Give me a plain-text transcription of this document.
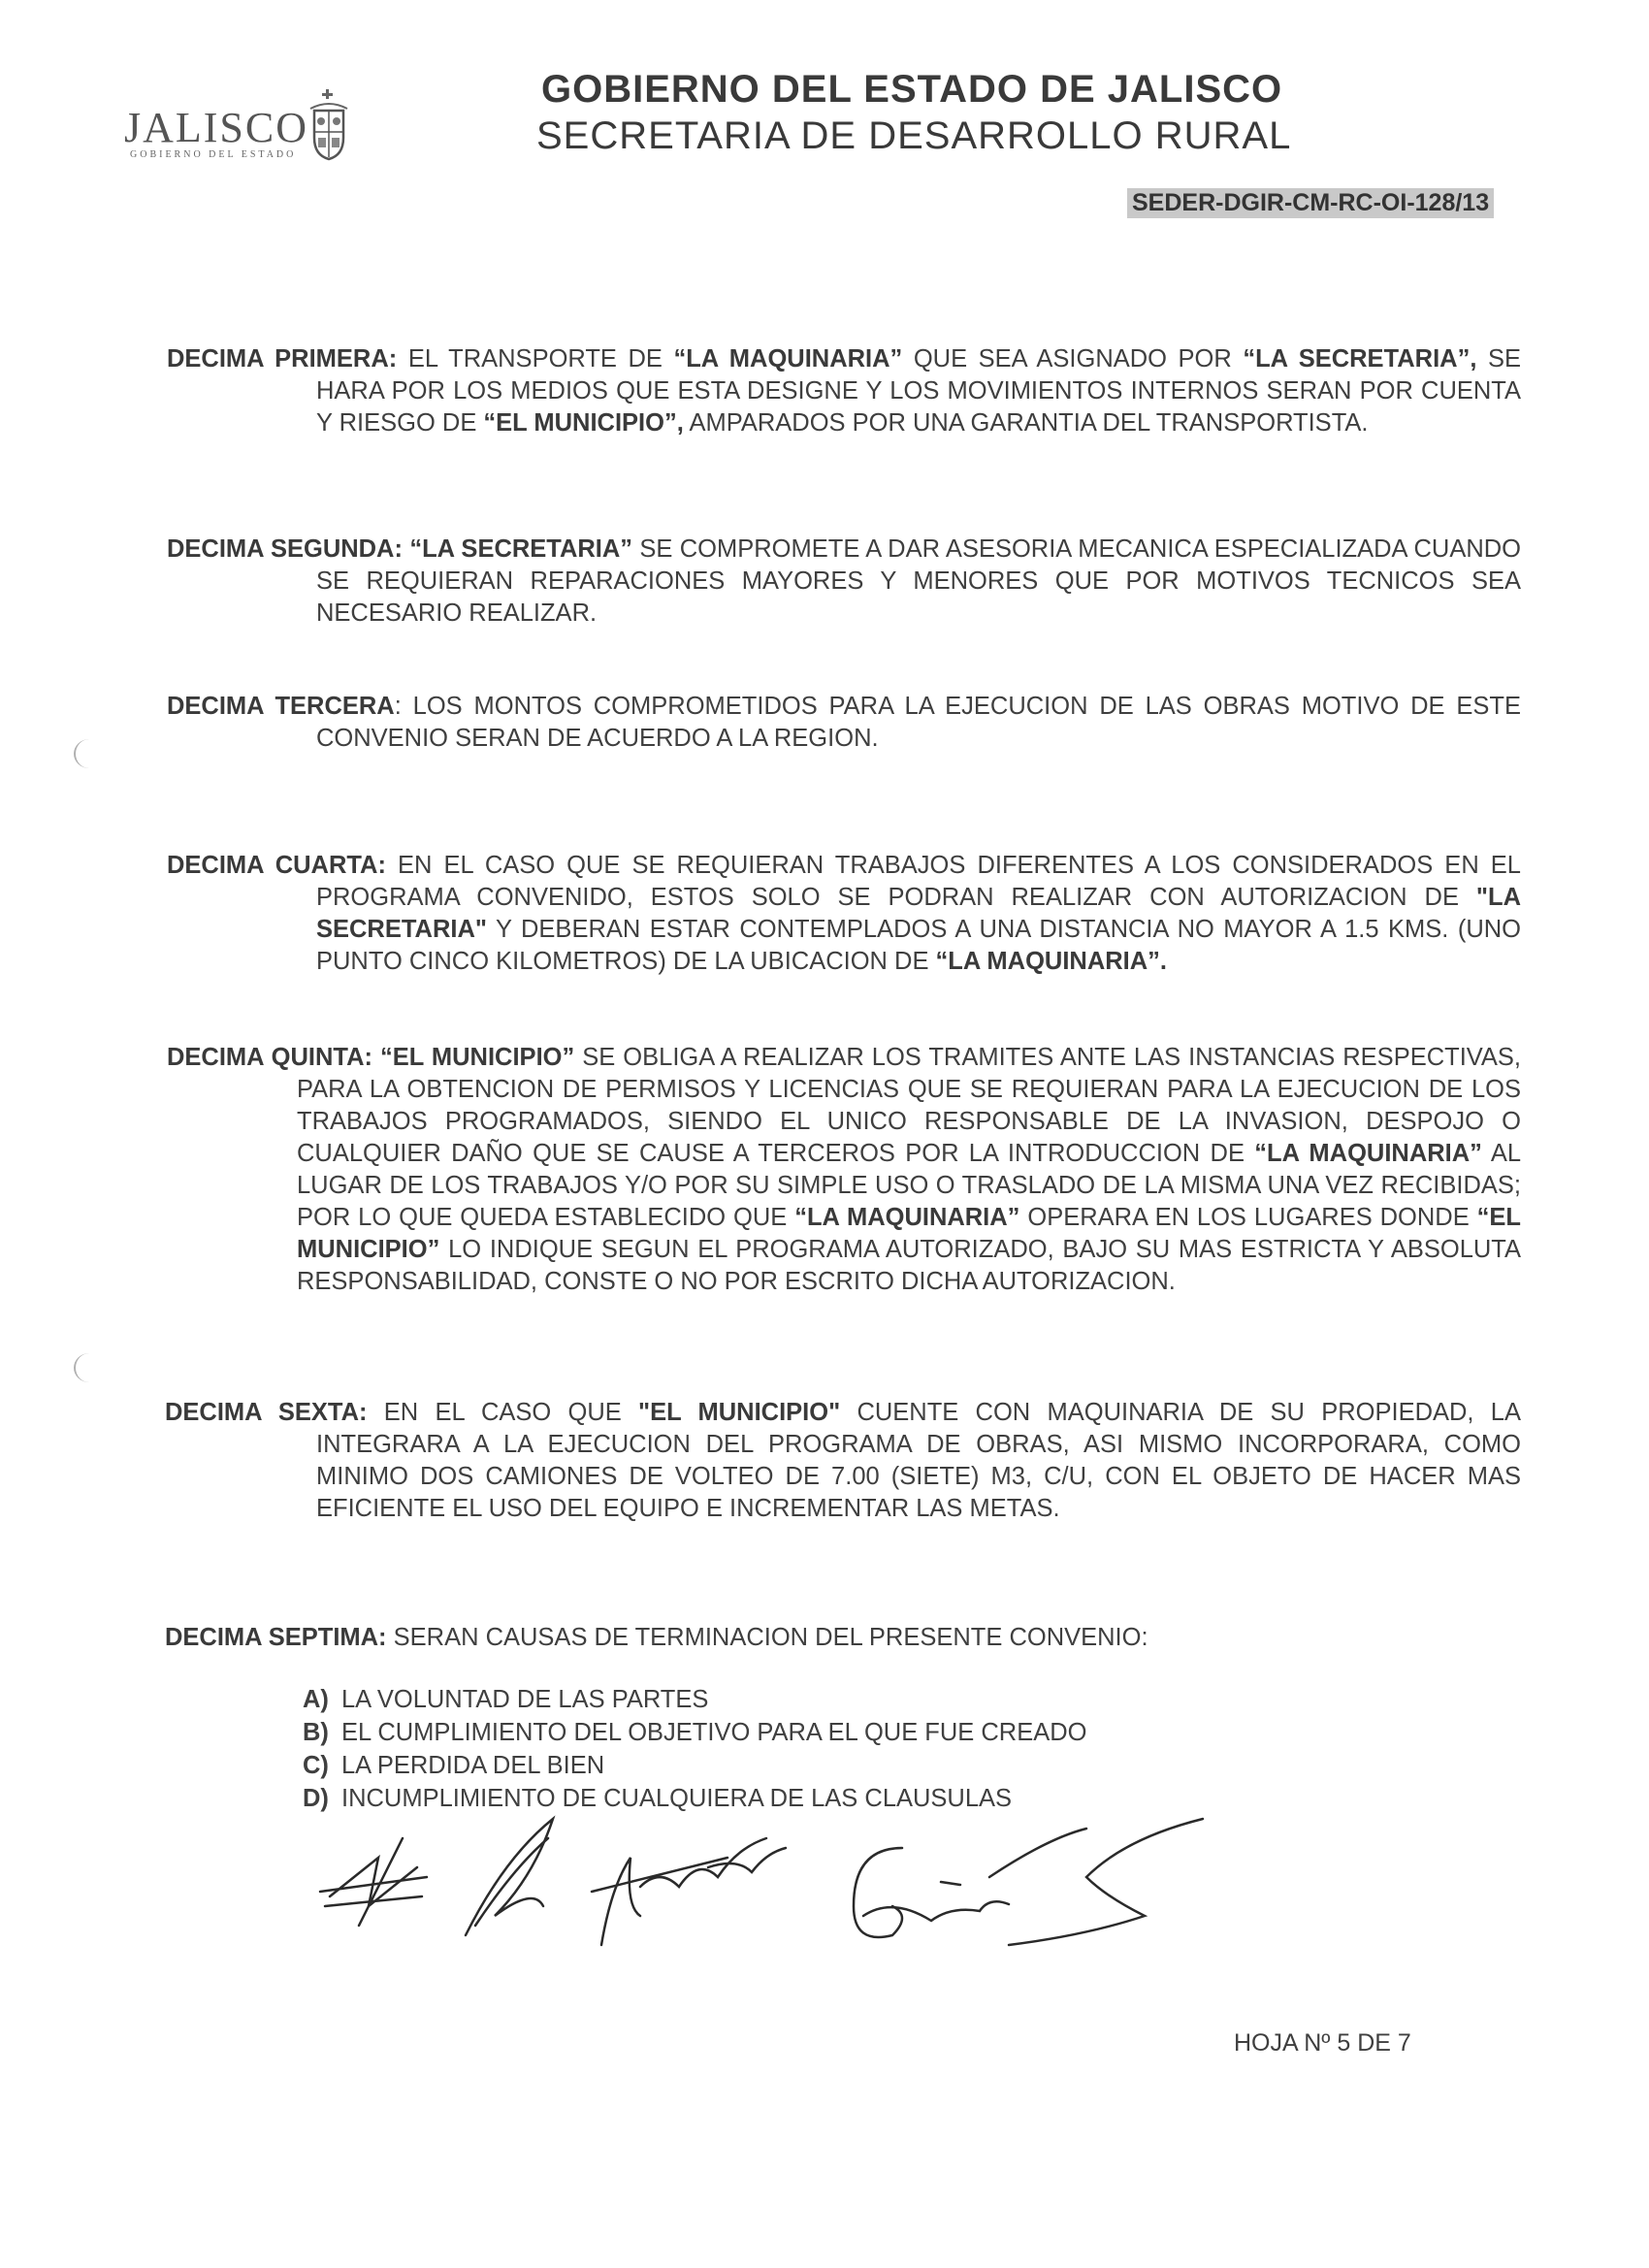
JALISCO
GOBIERNO DEL ESTADO
GOBIERNO DEL ESTADO DE JALISCO
SECRETARIA DE DESARROLLO RURAL
SEDER-DGIR-CM-RC-OI-128/13
DECIMA PRIMERA: EL TRANSPORTE DE “LA MAQUINARIA” QUE SEA ASIGNADO POR “LA SECRETARIA”, SE HARA POR LOS MEDIOS QUE ESTA DESIGNE Y LOS MOVIMIENTOS INTERNOS SERAN POR CUENTA Y RIESGO DE “EL MUNICIPIO”, AMPARADOS POR UNA GARANTIA DEL TRANSPORTISTA.
DECIMA SEGUNDA: “LA SECRETARIA” SE COMPROMETE A DAR ASESORIA MECANICA ESPECIALIZADA CUANDO SE REQUIERAN REPARACIONES MAYORES Y MENORES QUE POR MOTIVOS TECNICOS SEA NECESARIO REALIZAR.
DECIMA TERCERA: LOS MONTOS COMPROMETIDOS PARA LA EJECUCION DE LAS OBRAS MOTIVO DE ESTE CONVENIO SERAN DE ACUERDO A LA REGION.
DECIMA CUARTA: EN EL CASO QUE SE REQUIERAN TRABAJOS DIFERENTES A LOS CONSIDERADOS EN EL PROGRAMA CONVENIDO, ESTOS SOLO SE PODRAN REALIZAR CON AUTORIZACION DE "LA SECRETARIA" Y DEBERAN ESTAR CONTEMPLADOS A UNA DISTANCIA NO MAYOR A 1.5 KMS. (UNO PUNTO CINCO KILOMETROS) DE LA UBICACION DE “LA MAQUINARIA”.
DECIMA QUINTA: “EL MUNICIPIO” SE OBLIGA A REALIZAR LOS TRAMITES ANTE LAS INSTANCIAS RESPECTIVAS, PARA LA OBTENCION DE PERMISOS Y LICENCIAS QUE SE REQUIERAN PARA LA EJECUCION DE LOS TRABAJOS PROGRAMADOS, SIENDO EL UNICO RESPONSABLE DE LA INVASION, DESPOJO O CUALQUIER DAÑO QUE SE CAUSE A TERCEROS POR LA INTRODUCCION DE “LA MAQUINARIA” AL LUGAR DE LOS TRABAJOS Y/O POR SU SIMPLE USO O TRASLADO DE LA MISMA UNA VEZ RECIBIDAS; POR LO QUE QUEDA ESTABLECIDO QUE “LA MAQUINARIA” OPERARA EN LOS LUGARES DONDE “EL MUNICIPIO” LO INDIQUE SEGUN EL PROGRAMA AUTORIZADO, BAJO SU MAS ESTRICTA Y ABSOLUTA RESPONSABILIDAD, CONSTE O NO POR ESCRITO DICHA AUTORIZACION.
DECIMA SEXTA: EN EL CASO QUE "EL MUNICIPIO" CUENTE CON MAQUINARIA DE SU PROPIEDAD, LA INTEGRARA A LA EJECUCION DEL PROGRAMA DE OBRAS, ASI MISMO INCORPORARA, COMO MINIMO DOS CAMIONES DE VOLTEO DE 7.00 (SIETE) M3, C/U, CON EL OBJETO DE HACER MAS EFICIENTE EL USO DEL EQUIPO E INCREMENTAR LAS METAS.
DECIMA SEPTIMA: SERAN CAUSAS DE TERMINACION DEL PRESENTE CONVENIO:
A) LA VOLUNTAD DE LAS PARTES
B) EL CUMPLIMIENTO DEL OBJETIVO PARA EL QUE FUE CREADO
C) LA PERDIDA DEL BIEN
D) INCUMPLIMIENTO DE CUALQUIERA DE LAS CLAUSULAS
HOJA Nº 5 DE 7
